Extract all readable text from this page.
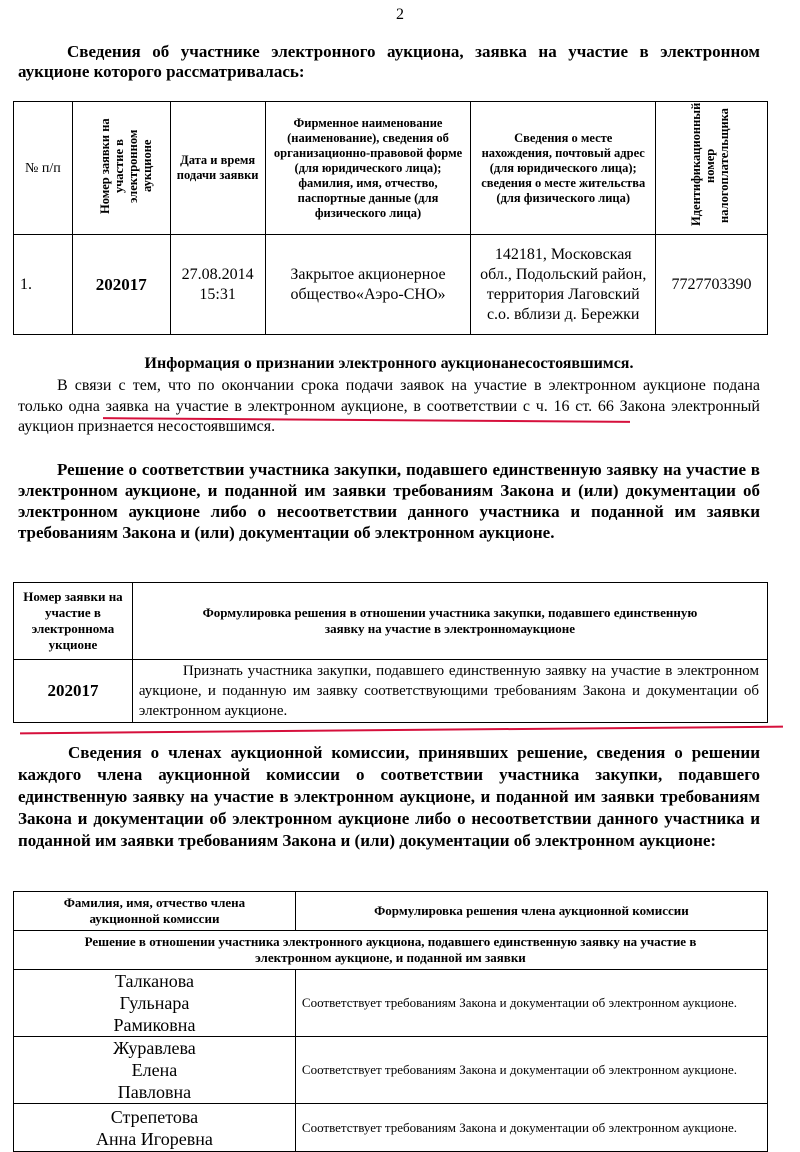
2
Сведения об участнике электронного аукциона, заявка на участие в электронном аукционе которого рассматривалась:
№ п/п	Номер заявки на участие в электронном аукционе	Дата и время подачи заявки	Фирменное наименование (наименование), сведения об организационно-правовой форме (для юридического лица); фамилия, имя, отчество, паспортные данные (для физического лица)	Сведения о месте нахождения, почтовый адрес (для юридического лица); сведения о месте жительства (для физического лица)	Идентификационный номер налогоплательщика
1.	202017	27.08.2014 15:31	Закрытое акционерное общество«Аэро-СНО»	142181, Московская обл., Подольский район, территория Лаговский с.о. вблизи д. Бережки	7727703390
Информация о признании электронного аукционанесостоявшимся.
В связи с тем, что по окончании срока подачи заявок на участие в электронном аукционе подана только одна заявка на участие в электронном аукционе, в соответствии с ч. 16 ст. 66 Закона электронный аукцион признается несостоявшимся.
Решение о соответствии участника закупки, подавшего единственную заявку на участие в электронном аукционе, и поданной им заявки требованиям Закона и (или) документации об электронном аукционе либо о несоответствии данного участника и поданной им заявки требованиям Закона и (или) документации об электронном аукционе.
Номер заявки на участие в электроннома укционе	Формулировка решения в отношении участника закупки, подавшего единственную заявку на участие в электронномаукционе
202017	Признать участника закупки, подавшего единственную заявку на участие в электронном аукционе, и поданную им заявку соответствующими требованиям Закона и документации об электронном аукционе.
Сведения о членах аукционной комиссии, принявших решение, сведения о решении каждого члена аукционной комиссии о соответствии участника закупки, подавшего единственную заявку на участие в электронном аукционе, и поданной им заявки требованиям Закона и документации об электронном аукционе либо о несоответствии данного участника и поданной им заявки требованиям Закона и (или) документации об электронном аукционе:
Фамилия, имя, отчество члена аукционной комиссии	Формулировка решения члена аукционной комиссии
Решение в отношении участника электронного аукциона, подавшего единственную заявку на участие в электронном аукционе, и поданной им заявки	
Талканова Гульнара Рамиковна	Соответствует требованиям Закона и документации об электронном аукционе.
Журавлева Елена Павловна	Соответствует требованиям Закона и документации об электронном аукционе.
Стрепетова Анна Игоревна	Соответствует требованиям Закона и документации об электронном аукционе.
